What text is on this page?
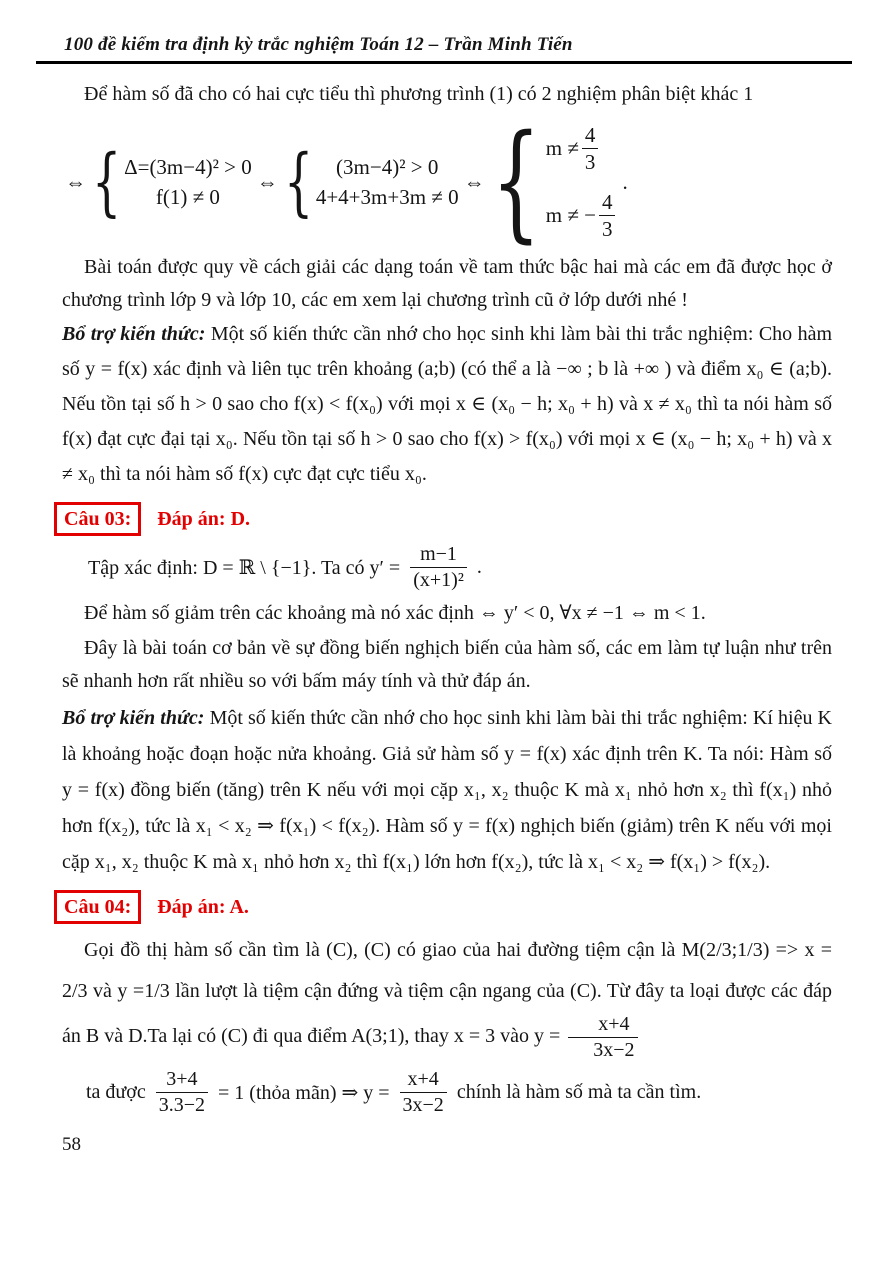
100 đề kiểm tra định kỳ trắc nghiệm Toán 12 – Trần Minh Tiến

Để hàm số đã cho có hai cực tiểu thì phương trình (1) có 2 nghiệm phân biệt khác 1

⇔ { Δ=(3m−4)² > 0
f(1) ≠ 0
⇔ { (3m−4)² > 0
4+4+3m+3m ≠ 0
⇔ { $m \ne \frac{4}{3}$
m ≠ − $\frac{4}{3}$
.

Bài toán được quy về cách giải các dạng toán về tam thức bậc hai mà các em đã được học ở chương trình lớp 9 và lớp 10, các em xem lại chương trình cũ ở lớp dưới nhé !

Bổ trợ kiến thức: Một số kiến thức cần nhớ cho học sinh khi làm bài thi trắc nghiệm: Cho hàm số y = f(x) xác định và liên tục trên khoảng (a;b) (có thể a là −∞ ; b là +∞ ) và điểm x₀ ∈ (a;b). Nếu tồn tại số h > 0 sao cho f(x) < f(x₀) với mọi x ∈ (x₀ − h; x₀ + h) và x ≠ x₀ thì ta nói hàm số f(x) đạt cực đại tại x₀. Nếu tồn tại số h > 0 sao cho f(x) > f(x₀) với mọi x ∈ (x₀ − h; x₀ + h) và x ≠ x₀ thì ta nói hàm số f(x) cực đạt cực tiểu x₀.

Câu 03:	Đáp án: D.
Tập xác định: D = ℝ \ {−1}. Ta có $y' = \frac{m-1}{\text{(x+1)²}}$ .

Để hàm số giảm trên các khoảng mà nó xác định ⇔ y′ < 0, ∀x ≠ −1 ⇔ m < 1.

Đây là bài toán cơ bản về sự đồng biến nghịch biến của hàm số, các em làm tự luận như trên sẽ nhanh hơn rất nhiều so với bấm máy tính và thử đáp án.

Bổ trợ kiến thức: Một số kiến thức cần nhớ cho học sinh khi làm bài thi trắc nghiệm: Kí hiệu K là khoảng hoặc đoạn hoặc nửa khoảng. Giả sử hàm số y = f(x) xác định trên K. Ta nói: Hàm số y = f(x) đồng biến (tăng) trên K nếu với mọi cặp x₁, x₂ thuộc K mà x₁ nhỏ hơn x₂ thì f(x₁) nhỏ hơn f(x₂), tức là x₁ < x₂ ⇒ f(x₁) < f(x₂). Hàm số y = f(x) nghịch biến (giảm) trên K nếu với mọi cặp x₁, x₂ thuộc K mà x₁ nhỏ hơn x₂ thì f(x₁) lớn hơn f(x₂), tức là x₁ < x₂ ⇒ f(x₁) > f(x₂).

Câu 04:	Đáp án: A.

Gọi đồ thị hàm số cần tìm là (C), (C) có giao của hai đường tiệm cận là M(2/3;1/3) => x = 2/3 và y =1/3 lần lượt là tiệm cận đứng và tiệm cận ngang của (C). Từ đây ta loại được các đáp án B và D.Ta lại có (C) đi qua điểm A(3;1), thay x = 3 vào $y = \frac{x+4}{3x-2}$

ta được $\frac{3+4}{3.3-2} = 1$ (thỏa mãn) ⇒ $y = \frac{x+4}{3x-2}$ chính là hàm số mà ta cần tìm.
58
